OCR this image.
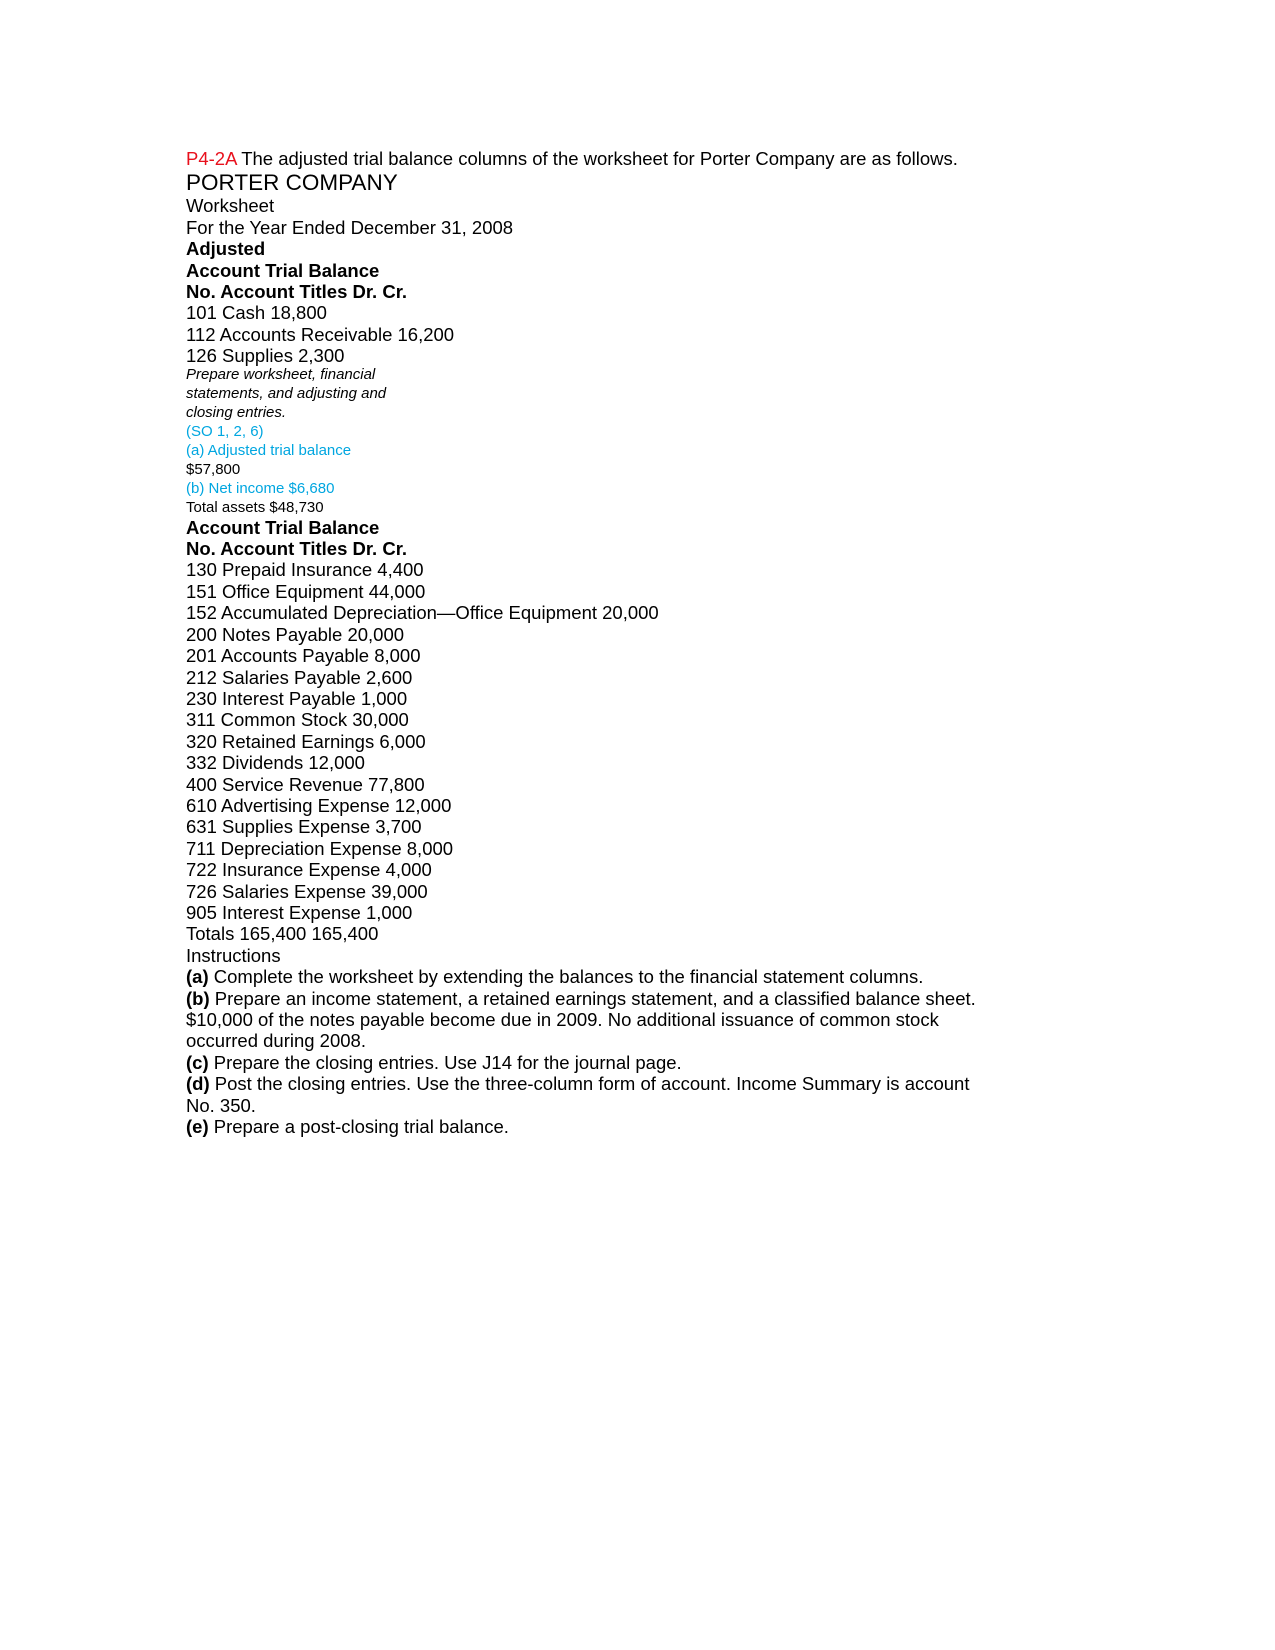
P4-2A The adjusted trial balance columns of the worksheet for Porter Company are as follows.
PORTER COMPANY
Worksheet
For the Year Ended December 31, 2008
Adjusted
Account Trial Balance
No. Account Titles Dr. Cr.
101 Cash 18,800
112 Accounts Receivable 16,200
126 Supplies 2,300
Prepare worksheet, financial
statements, and adjusting and
closing entries.
(SO 1, 2, 6)
(a) Adjusted trial balance
$57,800
(b) Net income $6,680
Total assets $48,730
Account Trial Balance
No. Account Titles Dr. Cr.
130 Prepaid Insurance 4,400
151 Office Equipment 44,000
152 Accumulated Depreciation—Office Equipment 20,000
200 Notes Payable 20,000
201 Accounts Payable 8,000
212 Salaries Payable 2,600
230 Interest Payable 1,000
311 Common Stock 30,000
320 Retained Earnings 6,000
332 Dividends 12,000
400 Service Revenue 77,800
610 Advertising Expense 12,000
631 Supplies Expense 3,700
711 Depreciation Expense 8,000
722 Insurance Expense 4,000
726 Salaries Expense 39,000
905 Interest Expense 1,000
Totals 165,400 165,400
Instructions
(a) Complete the worksheet by extending the balances to the financial statement columns.
(b) Prepare an income statement, a retained earnings statement, and a classified balance sheet.
$10,000 of the notes payable become due in 2009. No additional issuance of common stock
occurred during 2008.
(c) Prepare the closing entries. Use J14 for the journal page.
(d) Post the closing entries. Use the three-column form of account. Income Summary is account
No. 350.
(e) Prepare a post-closing trial balance.
